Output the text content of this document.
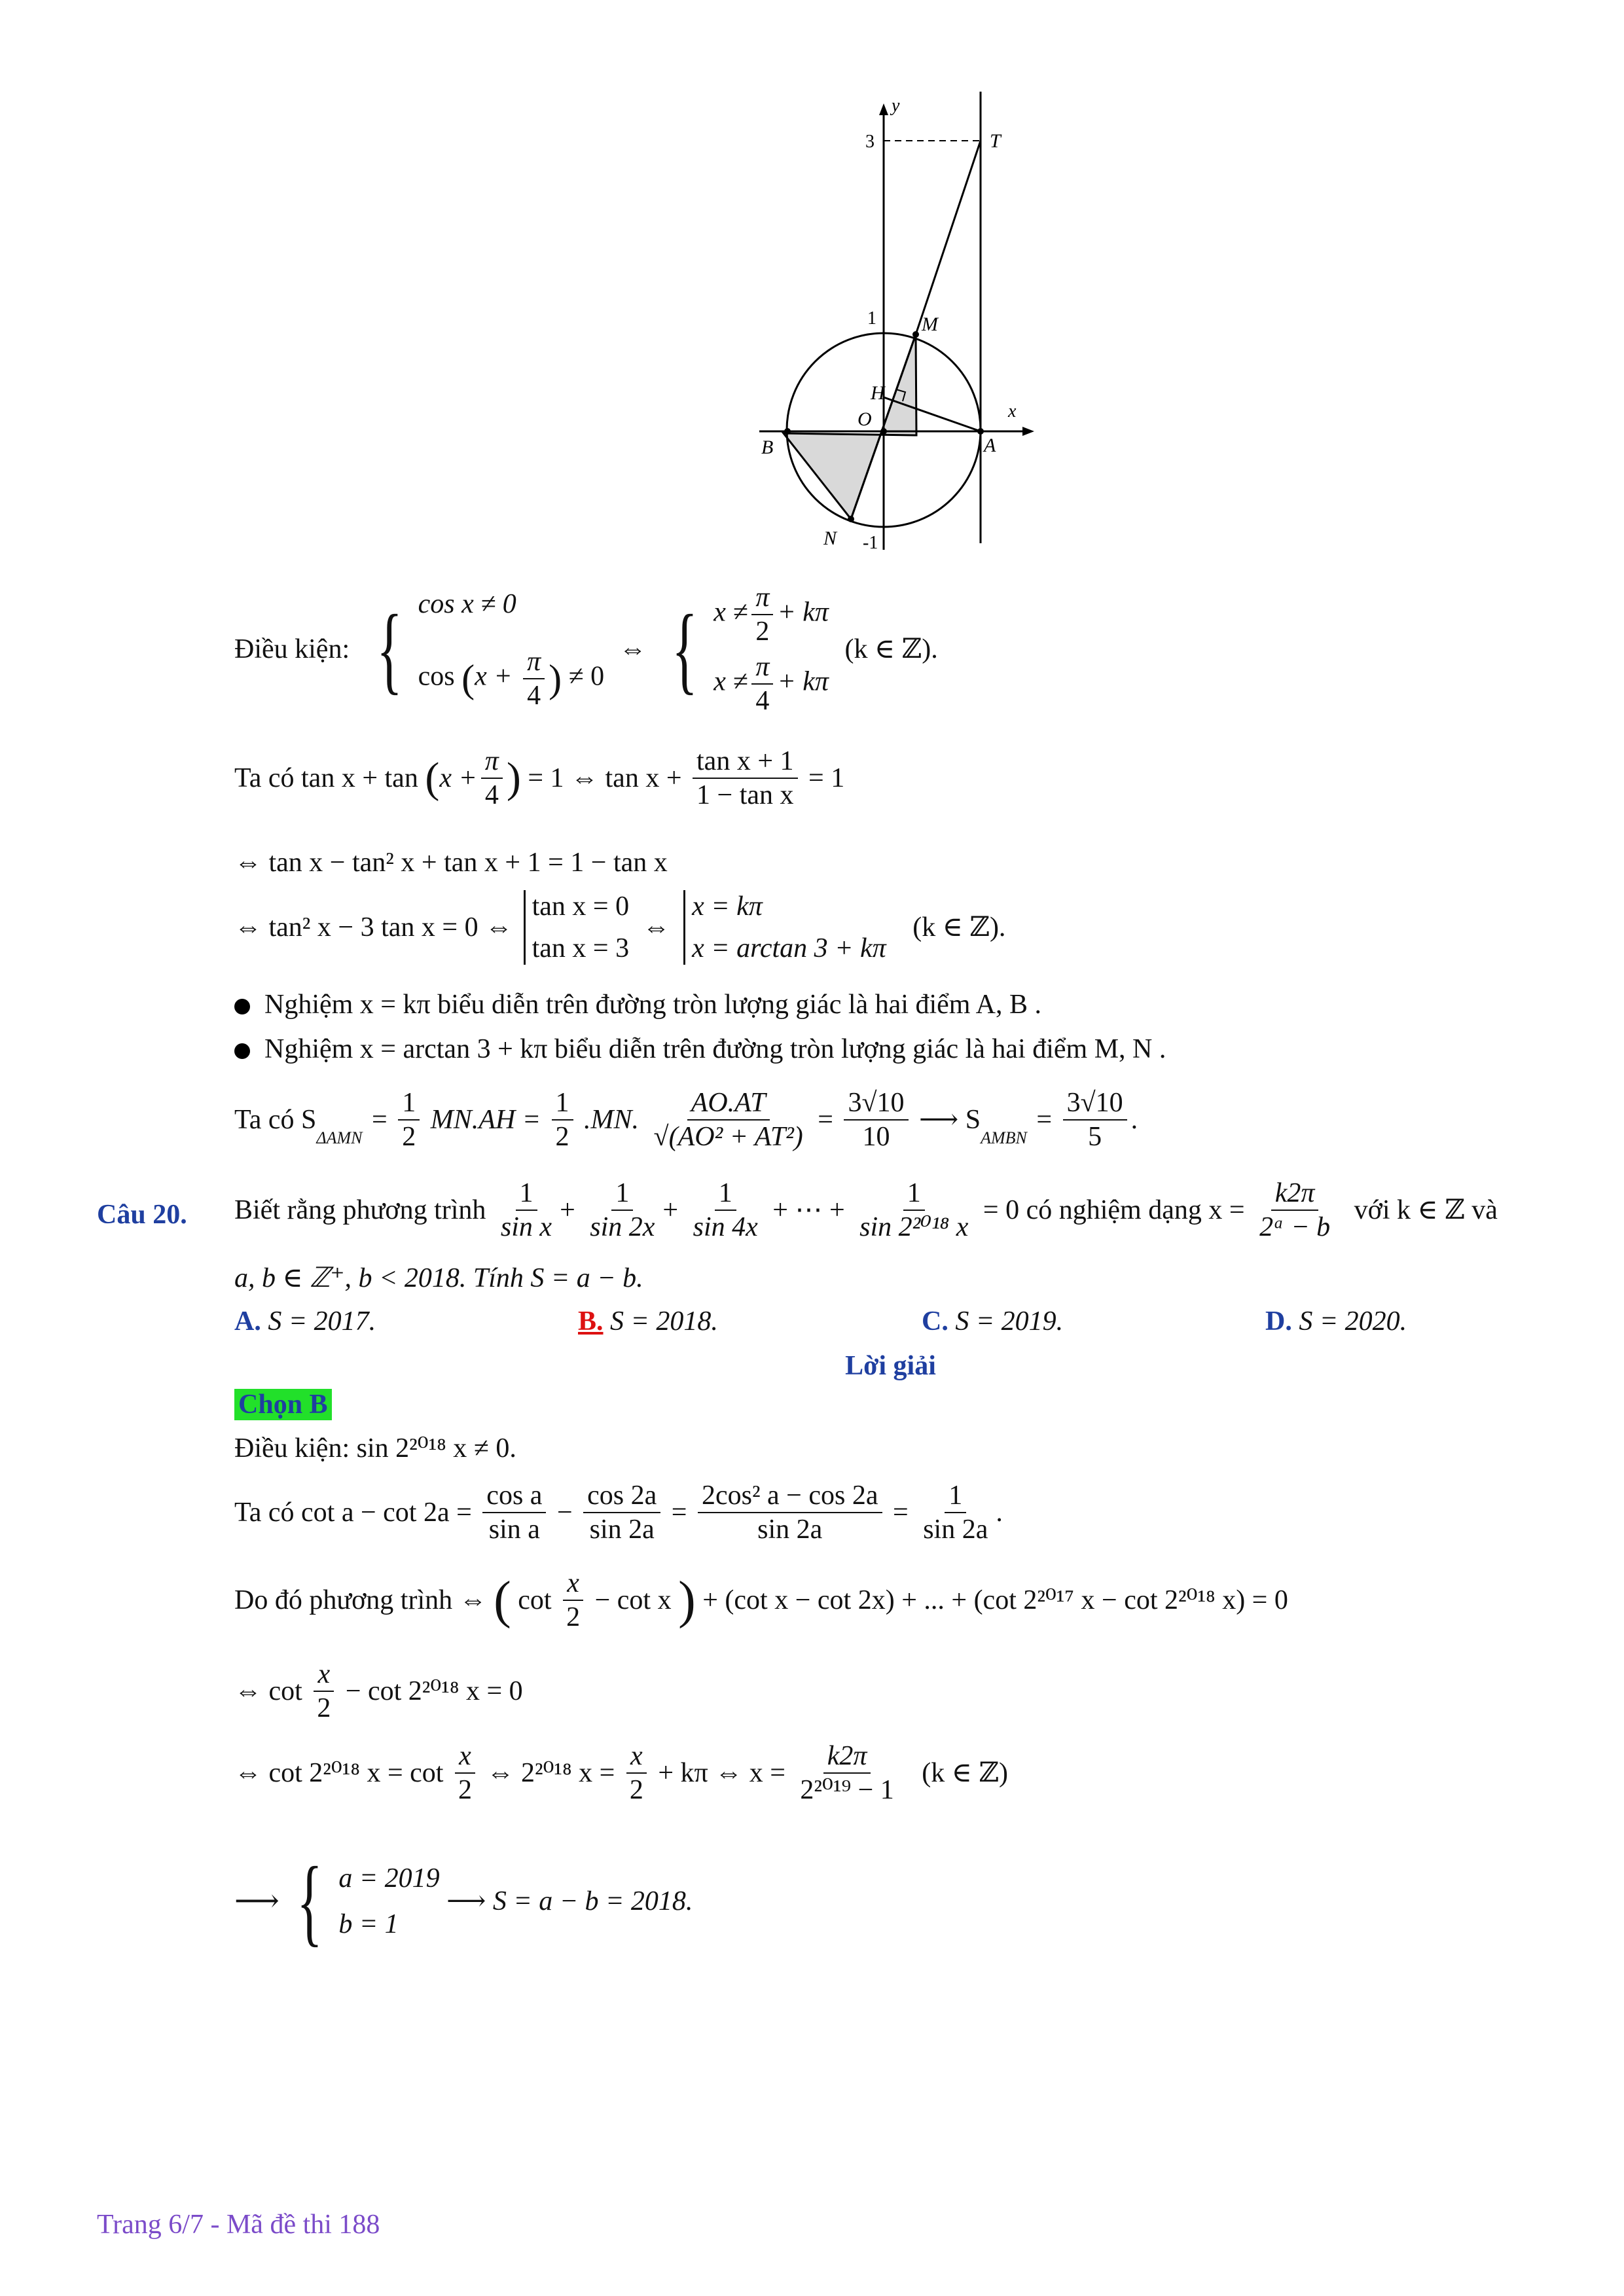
y
3	T
1 M
H
O	x
A
B
N -1
Điều kiện: { cos x ≠ 0
$\cos (x + \frac{\pi}{4}$ ) ≠ 0
⇔ { $x \ne \frac{\pi}{2} + k\pi$
$x \ne \frac{\pi}{4} + k\pi$
(k ∈ ℤ).
Ta có $\tan x + \tan (x + \frac{\pi}{4}$ ) = 1 ⇔ $\tan x + \frac{\text{tan x + 1}}{\text{1 − tan x}} = 1$
⇔ tan x − tan² x + tan x + 1 = 1 − tan x
⇔ tan² x − 3 tan x = 0 ⇔
tan x = 0
tan x = 3
⇔
x = kπ
x = arctan 3 + kπ
(k ∈ ℤ).
Nghiệm x = kπ biểu diễn trên đường tròn lượng giác là hai điểm A, B .
Nghiệm x = arctan 3 + kπ biểu diễn trên đường tròn lượng giác là hai điểm M, N .
Ta có $S_{\Delta AMN} = \frac{1}{2} MN.AH = \frac{1}{2} .MN$. $\frac{AO.AT}{\text{√(AO² + AT²)}} = \frac{3√10}{10}$ ⟶ $S_{AMBN} = \frac{3√10}{5}$ .
Câu 20. Biết rằng phương trình $\frac{1}{\text{sin x}} + \frac{1}{\sin 2x} + \frac{1}{\sin 4x}$ + ⋯ + $\frac{1}{\text{sin 2²⁰¹⁸ x}} = 0$ có nghiệm dạng $x = \frac{k2\pi}{\text{2ᵃ − b}}$ với k ∈ ℤ và
a, b ∈ ℤ⁺, b < 2018. Tính S = a − b.
A. S = 2017.	B. S = 2018.	C. S = 2019.	D. S = 2020.
Lời giải
Chọn B
Điều kiện: sin 2²⁰¹⁸ x ≠ 0.
Ta có $\cot a - \cot 2a = \frac{\text{cos a}}{\text{sin a}} - \frac{\cos 2a}{\sin 2a} = \frac{\text{2cos² a − cos 2a}}{\sin 2a} = \frac{1}{\sin 2a}$ .
Do đó phương trình ⇔ ( $\cot \frac{x}{2} - \cot x$ ) + (cot x − cot 2x) + ... + (cot 2²⁰¹⁷ x − cot 2²⁰¹⁸ x) = 0
⇔ $\cot \frac{x}{2} - \cot 2^{2018}$ x = 0
⇔ cot 2²⁰¹⁸ $x = \cot \frac{x}{2}$ ⇔ 2²⁰¹⁸ $x = \frac{x}{2} + k\pi$ ⇔ $x = \frac{k2\pi}{\text{2²⁰¹⁹ − 1}} (k$ ∈ ℤ)
⟶ { a = 2019
b = 1
⟶ S = a − b = 2018.
Trang 6/7 - Mã đề thi 188
